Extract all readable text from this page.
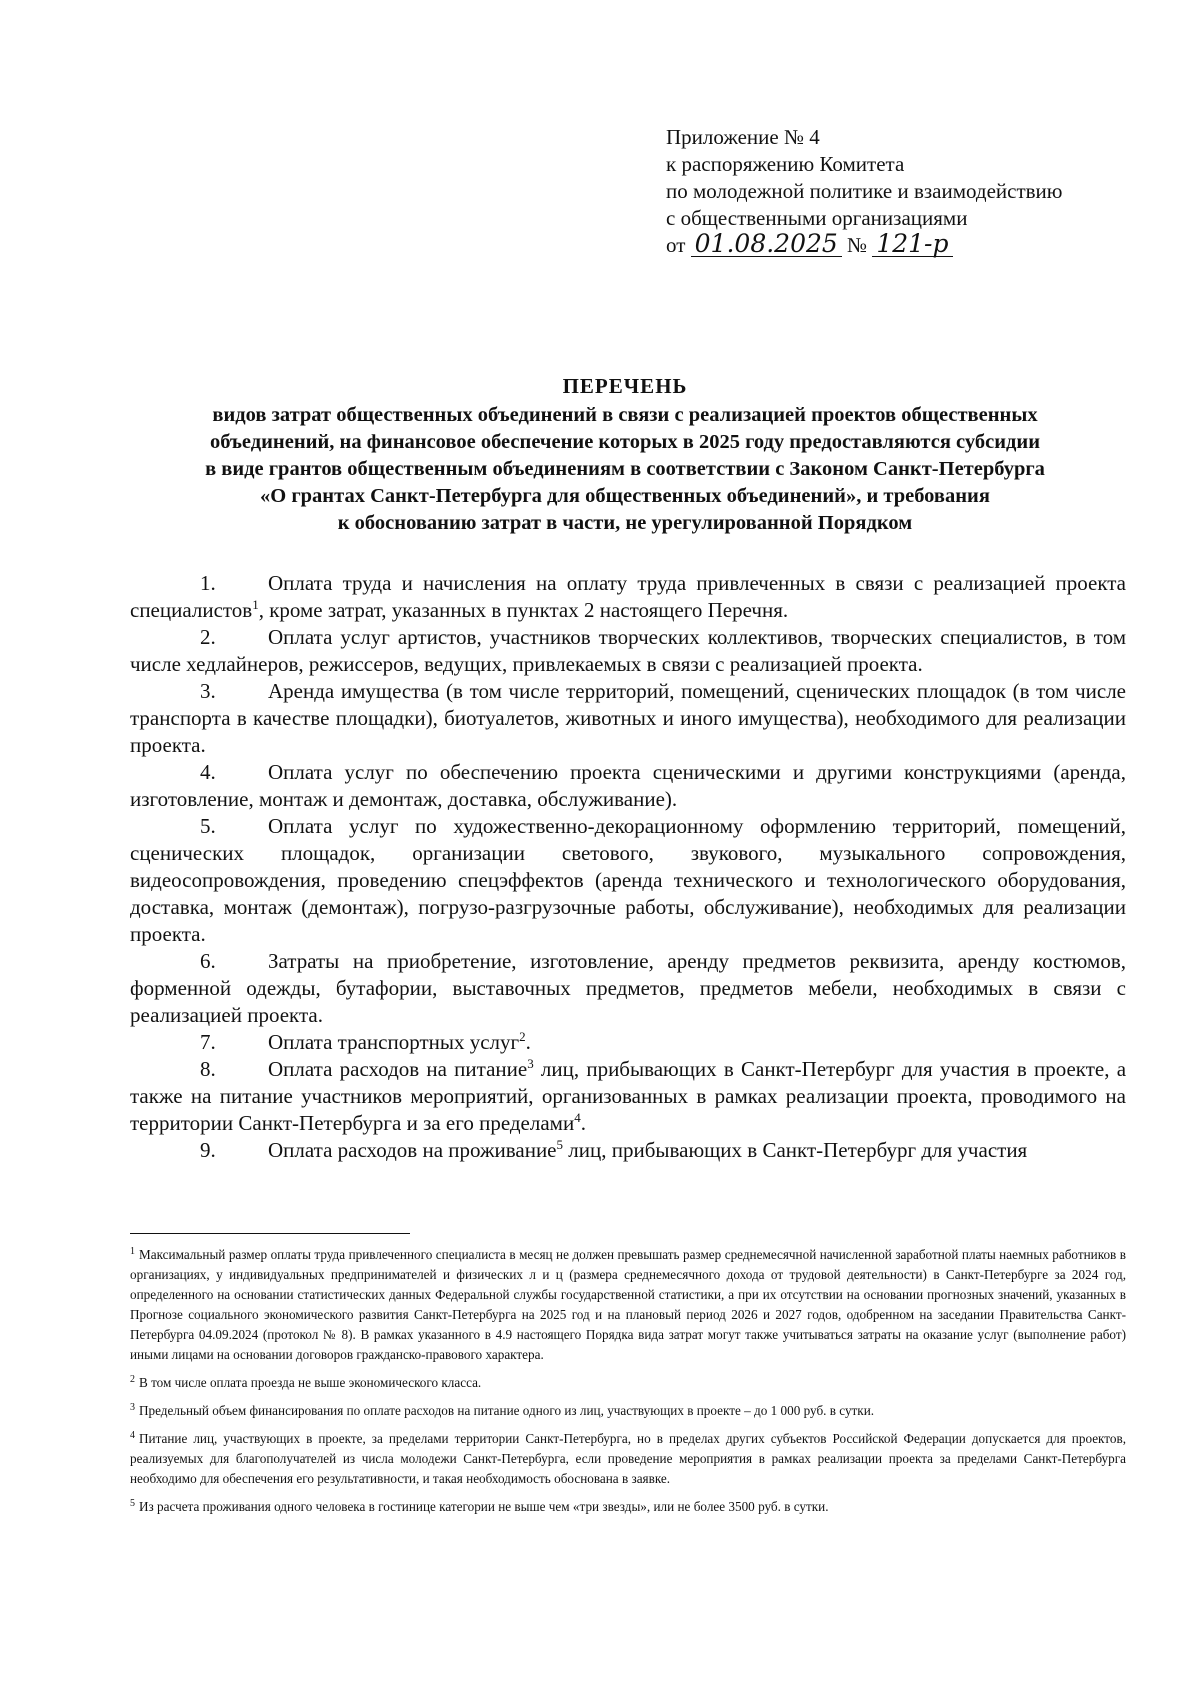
Приложение № 4
к распоряжению Комитета
по молодежной политике и взаимодействию
с общественными организациями
от 01.08.2025 № 121-р
ПЕРЕЧЕНЬ
видов затрат общественных объединений в связи с реализацией проектов общественных
объединений, на финансовое обеспечение которых в 2025 году предоставляются субсидии
в виде грантов общественным объединениям в соответствии с Законом Санкт-Петербурга
«О грантах Санкт-Петербурга для общественных объединений», и требования
к обоснованию затрат в части, не урегулированной Порядком

1. Оплата труда и начисления на оплату труда привлеченных в связи с реализацией проекта специалистов$^1$, кроме затрат, указанных в пунктах 2 настоящего Перечня.

2. Оплата услуг артистов, участников творческих коллективов, творческих специалистов, в том числе хедлайнеров, режиссеров, ведущих, привлекаемых в связи с реализацией проекта.

3. Аренда имущества (в том числе территорий, помещений, сценических площадок (в том числе транспорта в качестве площадки), биотуалетов, животных и иного имущества), необходимого для реализации проекта.

4. Оплата услуг по обеспечению проекта сценическими и другими конструкциями (аренда, изготовление, монтаж и демонтаж, доставка, обслуживание).

5. Оплата услуг по художественно-декорационному оформлению территорий, помещений, сценических площадок, организации светового, звукового, музыкального сопровождения, видеосопровождения, проведению спецэффектов (аренда технического и технологического оборудования, доставка, монтаж (демонтаж), погрузо-разгрузочные работы, обслуживание), необходимых для реализации проекта.

6. Затраты на приобретение, изготовление, аренду предметов реквизита, аренду костюмов, форменной одежды, бутафории, выставочных предметов, предметов мебели, необходимых в связи с реализацией проекта.

7. Оплата транспортных услуг$^2$.

8. Оплата расходов на питание$^3$ лиц, прибывающих в Санкт-Петербург для участия в проекте, а также на питание участников мероприятий, организованных в рамках реализации проекта, проводимого на территории Санкт-Петербурга и за его пределами$^4$.

9. Оплата расходов на проживание$^5$ лиц, прибывающих в Санкт-Петербург для участия

$^1$ Максимальный размер оплаты труда привлеченного специалиста в месяц не должен превышать размер среднемесячной начисленной заработной платы наемных работников в организациях, у индивидуальных предпринимателей и физических л и ц (размера среднемесячного дохода от трудовой деятельности) в Санкт-Петербурге за 2024 год, определенного на основании статистических данных Федеральной службы государственной статистики, а при их отсутствии на основании прогнозных значений, указанных в Прогнозе социального экономического развития Санкт-Петербурга на 2025 год и на плановый период 2026 и 2027 годов, одобренном на заседании Правительства Санкт-Петербурга 04.09.2024 (протокол № 8). В рамках указанного в 4.9 настоящего Порядка вида затрат могут также учитываться затраты на оказание услуг (выполнение работ) иными лицами на основании договоров гражданско-правового характера.

$^2$ В том числе оплата проезда не выше экономического класса.

$^3$ Предельный объем финансирования по оплате расходов на питание одного из лиц, участвующих в проекте – до 1 000 руб. в сутки.

$^4$ Питание лиц, участвующих в проекте, за пределами территории Санкт-Петербурга, но в пределах других субъектов Российской Федерации допускается для проектов, реализуемых для благополучателей из числа молодежи Санкт-Петербурга, если проведение мероприятия в рамках реализации проекта за пределами Санкт-Петербурга необходимо для обеспечения его результативности, и такая необходимость обоснована в заявке.

$^5$ Из расчета проживания одного человека в гостинице категории не выше чем «три звезды», или не более 3500 руб. в сутки.
